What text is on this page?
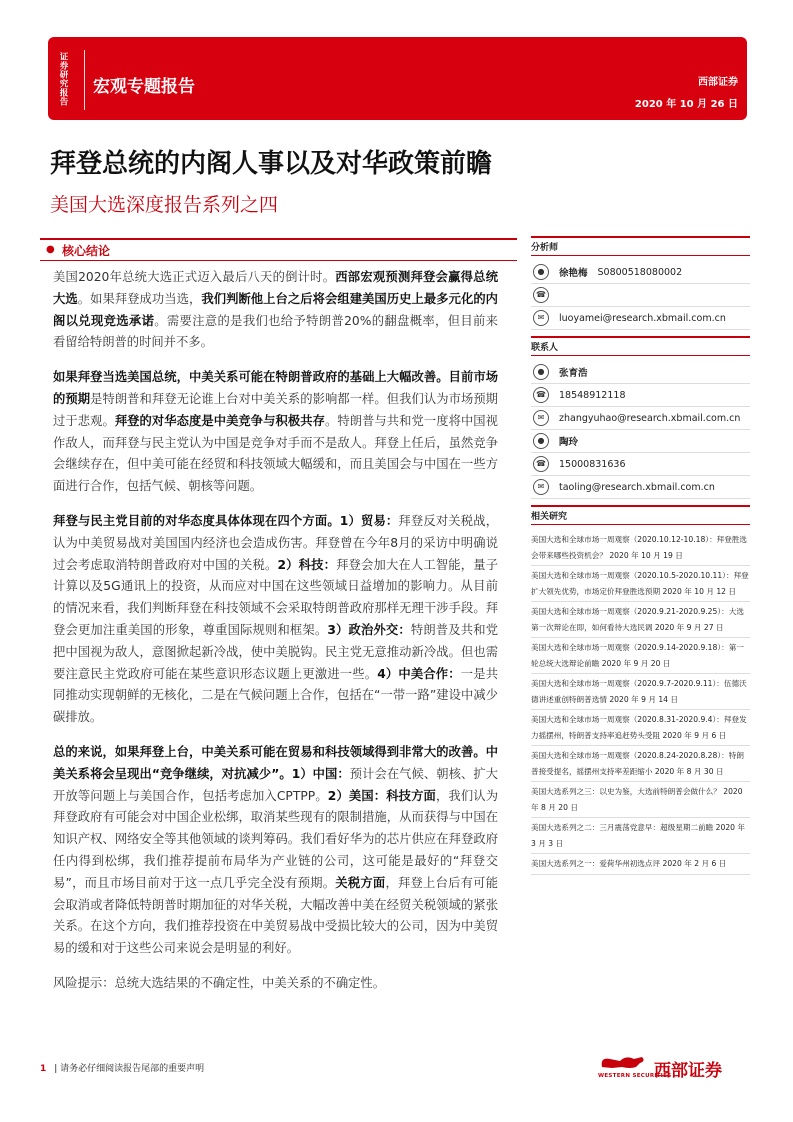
证券研究报告 宏观专题报告	西部证券
2020 年 10 月 26 日
拜登总统的内阁人事以及对华政策前瞻
美国大选深度报告系列之四
● 核心结论

美国2020年总统大选正式迈入最后八天的倒计时。西部宏观预测拜登会赢得总统大选。如果拜登成功当选，我们判断他上台之后将会组建美国历史上最多元化的内阁以兑现竞选承诺。需要注意的是我们也给予特朗普20%的翻盘概率，但目前来看留给特朗普的时间并不多。

如果拜登当选美国总统，中美关系可能在特朗普政府的基础上大幅改善。目前市场的预期是特朗普和拜登无论谁上台对中美关系的影响都一样。但我们认为市场预期过于悲观。拜登的对华态度是中美竞争与积极共存。特朗普与共和党一度将中国视作敌人，而拜登与民主党认为中国是竞争对手而不是敌人。拜登上任后，虽然竞争会继续存在，但中美可能在经贸和科技领域大幅缓和，而且美国会与中国在一些方面进行合作，包括气候、朝核等问题。

拜登与民主党目前的对华态度具体体现在四个方面。1）贸易：拜登反对关税战，认为中美贸易战对美国国内经济也会造成伤害。拜登曾在今年8月的采访中明确说过会考虑取消特朗普政府对中国的关税。2）科技：拜登会加大在人工智能，量子计算以及5G通讯上的投资，从而应对中国在这些领域日益增加的影响力。从目前的情况来看，我们判断拜登在科技领域不会采取特朗普政府那样无理干涉手段。拜登会更加注重美国的形象，尊重国际规则和框架。3）政治外交：特朗普及共和党把中国视为敌人，意图掀起新冷战，使中美脱钩。民主党无意推动新冷战。但也需要注意民主党政府可能在某些意识形态议题上更激进一些。4）中美合作：一是共同推动实现朝鲜的无核化，二是在气候问题上合作，包括在“一带一路”建设中减少碳排放。

总的来说，如果拜登上台，中美关系可能在贸易和科技领域得到非常大的改善。中美关系将会呈现出“竞争继续，对抗减少”。1）中国：预计会在气候、朝核、扩大开放等问题上与美国合作，包括考虑加入CPTPP。2）美国：科技方面，我们认为拜登政府有可能会对中国企业松绑，取消某些现有的限制措施，从而获得与中国在知识产权、网络安全等其他领域的谈判筹码。我们看好华为的芯片供应在拜登政府任内得到松绑，我们推荐提前布局华为产业链的公司，这可能是最好的“拜登交易”，而且市场目前对于这一点几乎完全没有预期。关税方面，拜登上台后有可能会取消或者降低特朗普时期加征的对华关税，大幅改善中美在经贸关税领域的紧张关系。在这个方向，我们推荐投资在中美贸易战中受损比较大的公司，因为中美贸易的缓和对于这些公司来说会是明显的利好。

风险提示：总统大选结果的不确定性，中美关系的不确定性。

分析师
●	徐艳梅 S0800518080002
☎
✉	luoyamei@research.xbmail.com.cn
联系人
●	张育浩
☎	18548912118
✉	zhangyuhao@research.xbmail.com.cn
●	陶玲
☎	15000831636
✉	taoling@research.xbmail.com.cn
相关研究
美国大选和全球市场一周观察（2020.10.12-10.18）：拜登胜选会带来哪些投资机会？ 2020 年 10 月 19 日
美国大选和全球市场一周观察（2020.10.5-2020.10.11）：拜登扩大领先优势，市场定价拜登胜选预期 2020 年 10 月 12 日
美国大选和全球市场一周观察（2020.9.21-2020.9.25）：大选第一次辩论在即，如何看待大选民调 2020 年 9 月 27 日
美国大选和全球市场一周观察（2020.9.14-2020.9.18）：第一轮总统大选辩论前瞻 2020 年 9 月 20 日
美国大选和全球市场一周观察（2020.9.7-2020.9.11）：伍德沃德讲述重创特朗普选情 2020 年 9 月 14 日
美国大选和全球市场一周观察（2020.8.31-2020.9.4）：拜登发力摇摆州，特朗普支持率追赶势头受阻 2020 年 9 月 6 日
美国大选和全球市场一周观察（2020.8.24-2020.8.28）：特朗普接受提名，摇摆州支持率差距缩小 2020 年 8 月 30 日
美国大选系列之三：以史为鉴，大选前特朗普会做什么？ 2020 年 8 月 20 日
美国大选系列之二：三月震荡党意早：超级星期二前瞻 2020 年 3 月 3 日
美国大选系列之一：爱荷华州初选点评 2020 年 2 月 6 日
1 | 请务必仔细阅读报告尾部的重要声明
WESTERN SECURITIES
西部证券
